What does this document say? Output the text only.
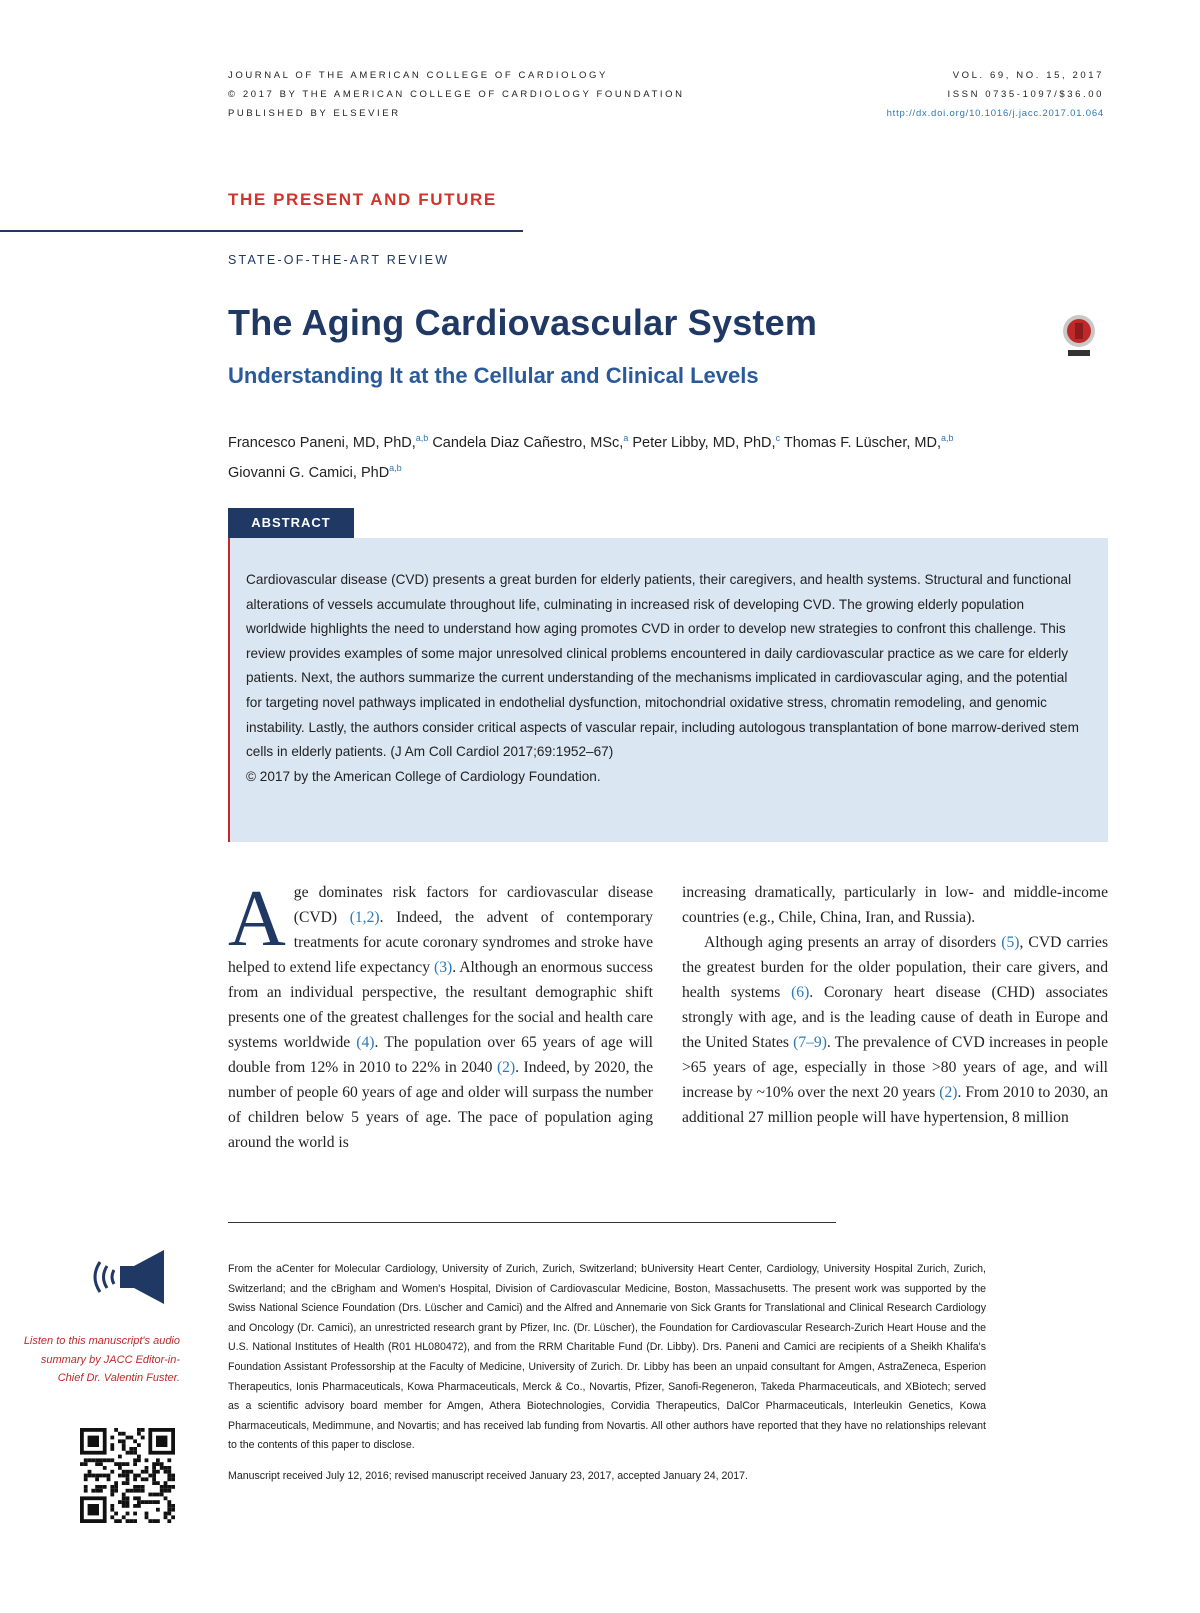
JOURNAL OF THE AMERICAN COLLEGE OF CARDIOLOGY
© 2017 BY THE AMERICAN COLLEGE OF CARDIOLOGY FOUNDATION
PUBLISHED BY ELSEVIER
VOL. 69, NO. 15, 2017
ISSN 0735-1097/$36.00
http://dx.doi.org/10.1016/j.jacc.2017.01.064
THE PRESENT AND FUTURE
STATE-OF-THE-ART REVIEW
The Aging Cardiovascular System
Understanding It at the Cellular and Clinical Levels
Francesco Paneni, MD, PhD,$^{a,b}$ Candela Diaz Cañestro, MSc,$^a$ Peter Libby, MD, PhD,$^c$ Thomas F. Lüscher, MD,$^{a,b}$
Giovanni G. Camici, PhD$^{a,b}$
ABSTRACT
Cardiovascular disease (CVD) presents a great burden for elderly patients, their caregivers, and health systems. Structural and functional alterations of vessels accumulate throughout life, culminating in increased risk of developing CVD. The growing elderly population worldwide highlights the need to understand how aging promotes CVD in order to develop new strategies to confront this challenge. This review provides examples of some major unresolved clinical problems encountered in daily cardiovascular practice as we care for elderly patients. Next, the authors summarize the current understanding of the mechanisms implicated in cardiovascular aging, and the potential for targeting novel pathways implicated in endothelial dysfunction, mitochondrial oxidative stress, chromatin remodeling, and genomic instability. Lastly, the authors consider critical aspects of vascular repair, including autologous transplantation of bone marrow-derived stem cells in elderly patients. (J Am Coll Cardiol 2017;69:1952–67)
© 2017 by the American College of Cardiology Foundation.
A ge dominates risk factors for cardiovascular disease (CVD) (1,2). Indeed, the advent of contemporary treatments for acute coronary syndromes and stroke have helped to extend life expectancy (3). Although an enormous success from an individual perspective, the resultant demographic shift presents one of the greatest challenges for the social and health care systems worldwide (4). The population over 65 years of age will double from 12% in 2010 to 22% in 2040 (2). Indeed, by 2020, the number of people 60 years of age and older will surpass the number of children below 5 years of age. The pace of population aging around the world is
increasing dramatically, particularly in low- and middle-income countries (e.g., Chile, China, Iran, and Russia).
Although aging presents an array of disorders (5), CVD carries the greatest burden for the older population, their care givers, and health systems (6). Coronary heart disease (CHD) associates strongly with age, and is the leading cause of death in Europe and the United States (7–9). The prevalence of CVD increases in people >65 years of age, especially in those >80 years of age, and will increase by ~10% over the next 20 years (2). From 2010 to 2030, an additional 27 million people will have hypertension, 8 million
From the aCenter for Molecular Cardiology, University of Zurich, Zurich, Switzerland; bUniversity Heart Center, Cardiology, University Hospital Zurich, Zurich, Switzerland; and the cBrigham and Women's Hospital, Division of Cardiovascular Medicine, Boston, Massachusetts. The present work was supported by the Swiss National Science Foundation (Drs. Lüscher and Camici) and the Alfred and Annemarie von Sick Grants for Translational and Clinical Research Cardiology and Oncology (Dr. Camici), an unrestricted research grant by Pfizer, Inc. (Dr. Lüscher), the Foundation for Cardiovascular Research-Zurich Heart House and the U.S. National Institutes of Health (R01 HL080472), and from the RRM Charitable Fund (Dr. Libby). Drs. Paneni and Camici are recipients of a Sheikh Khalifa's Foundation Assistant Professorship at the Faculty of Medicine, University of Zurich. Dr. Libby has been an unpaid consultant for Amgen, AstraZeneca, Esperion Therapeutics, Ionis Pharmaceuticals, Kowa Pharmaceuticals, Merck & Co., Novartis, Pfizer, Sanofi-Regeneron, Takeda Pharmaceuticals, and XBiotech; served as a scientific advisory board member for Amgen, Athera Biotechnologies, Corvidia Therapeutics, DalCor Pharmaceuticals, Interleukin Genetics, Kowa Pharmaceuticals, Medimmune, and Novartis; and has received lab funding from Novartis. All other authors have reported that they have no relationships relevant to the contents of this paper to disclose.
Manuscript received July 12, 2016; revised manuscript received January 23, 2017, accepted January 24, 2017.
Listen to this manuscript's audio summary by JACC Editor-in-Chief Dr. Valentin Fuster.
